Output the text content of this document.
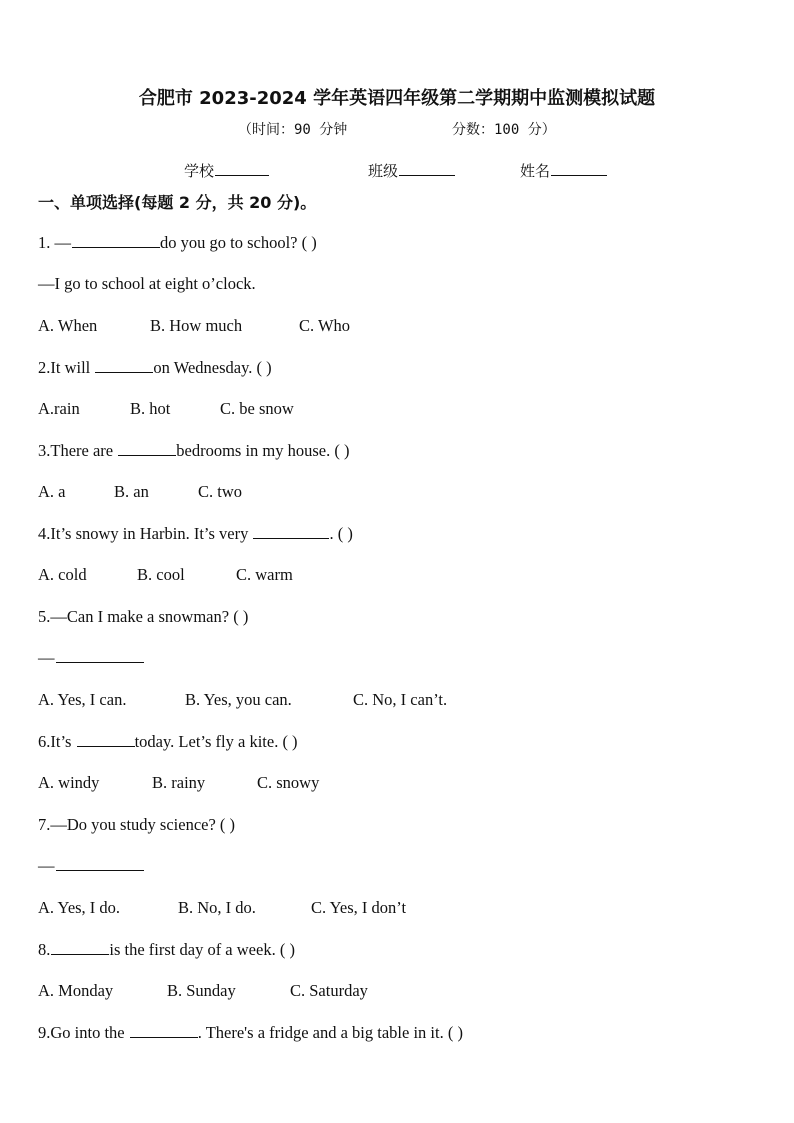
合肥市 2023-2024 学年英语四年级第二学期期中监测模拟试题
（时间：90 分钟	分数：100 分）
学校	班级	姓名
一、单项选择(每题 2 分，共 20 分)。
1. —	do you go to school? ( )
—I go to school at eight o’clock.
A. When	B. How much	C. Who
2.It will	on Wednesday. ( )
A.rain	B. hot	C. be snow
3.There are	bedrooms in my house. ( )
A. a	B. an	C. two
4.It’s snowy in Harbin. It’s very	. ( )
A. cold	B. cool	C. warm
5.—Can I make a snowman? ( )
—
A. Yes, I can.	B. Yes, you can.	C. No, I can’t.
6.It’s	today. Let’s fly a kite. ( )
A. windy	B. rainy	C. snowy
7.—Do you study science? ( )
—
A. Yes, I do.	B. No, I do.	C. Yes, I don’t
8.	is the first day of a week. ( )
A. Monday	B. Sunday	C. Saturday
9.Go into the	. There's a fridge and a big table in it. ( )
